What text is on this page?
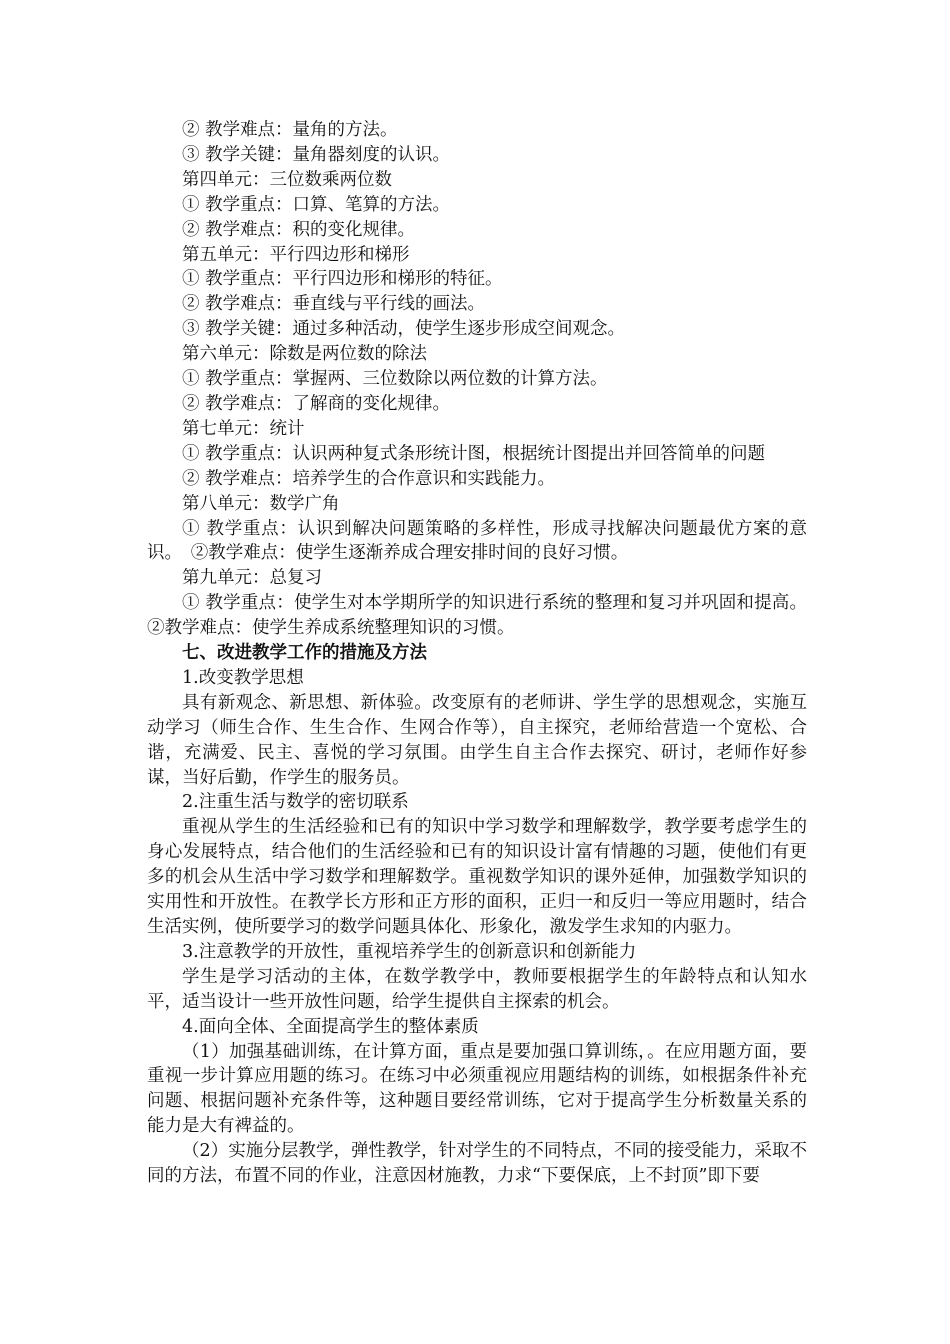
② 教学难点：量角的方法。

③ 教学关键：量角器刻度的认识。

第四单元：三位数乘两位数

① 教学重点：口算、笔算的方法。

② 教学难点：积的变化规律。

第五单元：平行四边形和梯形

① 教学重点：平行四边形和梯形的特征。

② 教学难点：垂直线与平行线的画法。

③ 教学关键：通过多种活动，使学生逐步形成空间观念。

第六单元：除数是两位数的除法

① 教学重点：掌握两、三位数除以两位数的计算方法。

② 教学难点：了解商的变化规律。

第七单元：统计

① 教学重点：认识两种复式条形统计图，根据统计图提出并回答简单的问题

② 教学难点：培养学生的合作意识和实践能力。

第八单元：数学广角

① 教学重点：认识到解决问题策略的多样性，形成寻找解决问题最优方案的意识。　②教学难点：使学生逐渐养成合理安排时间的良好习惯。

第九单元：总复习

① 教学重点：使学生对本学期所学的知识进行系统的整理和复习并巩固和提高。②教学难点：使学生养成系统整理知识的习惯。

七、改进教学工作的措施及方法

1.改变教学思想

具有新观念、新思想、新体验。改变原有的老师讲、学生学的思想观念，实施互动学习（师生合作、生生合作、生网合作等），自主探究，老师给营造一个宽松、合谐，充满爱、民主、喜悦的学习氛围。由学生自主合作去探究、研讨，老师作好参谋，当好后勤，作学生的服务员。

2.注重生活与数学的密切联系

重视从学生的生活经验和已有的知识中学习数学和理解数学，教学要考虑学生的身心发展特点，结合他们的生活经验和已有的知识设计富有情趣的习题，使他们有更多的机会从生活中学习数学和理解数学。重视数学知识的课外延伸，加强数学知识的实用性和开放性。在教学长方形和正方形的面积，正归一和反归一等应用题时，结合生活实例，使所要学习的数学问题具体化、形象化，激发学生求知的内驱力。

3.注意教学的开放性，重视培养学生的创新意识和创新能力

学生是学习活动的主体，在数学教学中，教师要根据学生的年龄特点和认知水平，适当设计一些开放性问题，给学生提供自主探索的机会。

4.面向全体、全面提高学生的整体素质

（1）加强基础训练，在计算方面，重点是要加强口算训练，。在应用题方面，要重视一步计算应用题的练习。在练习中必须重视应用题结构的训练，如根据条件补充问题、根据问题补充条件等，这种题目要经常训练，它对于提高学生分析数量关系的能力是大有裨益的。

（2）实施分层教学，弹性教学，针对学生的不同特点，不同的接受能力，采取不同的方法，布置不同的作业，注意因材施教，力求“下要保底，上不封顶”即下要
